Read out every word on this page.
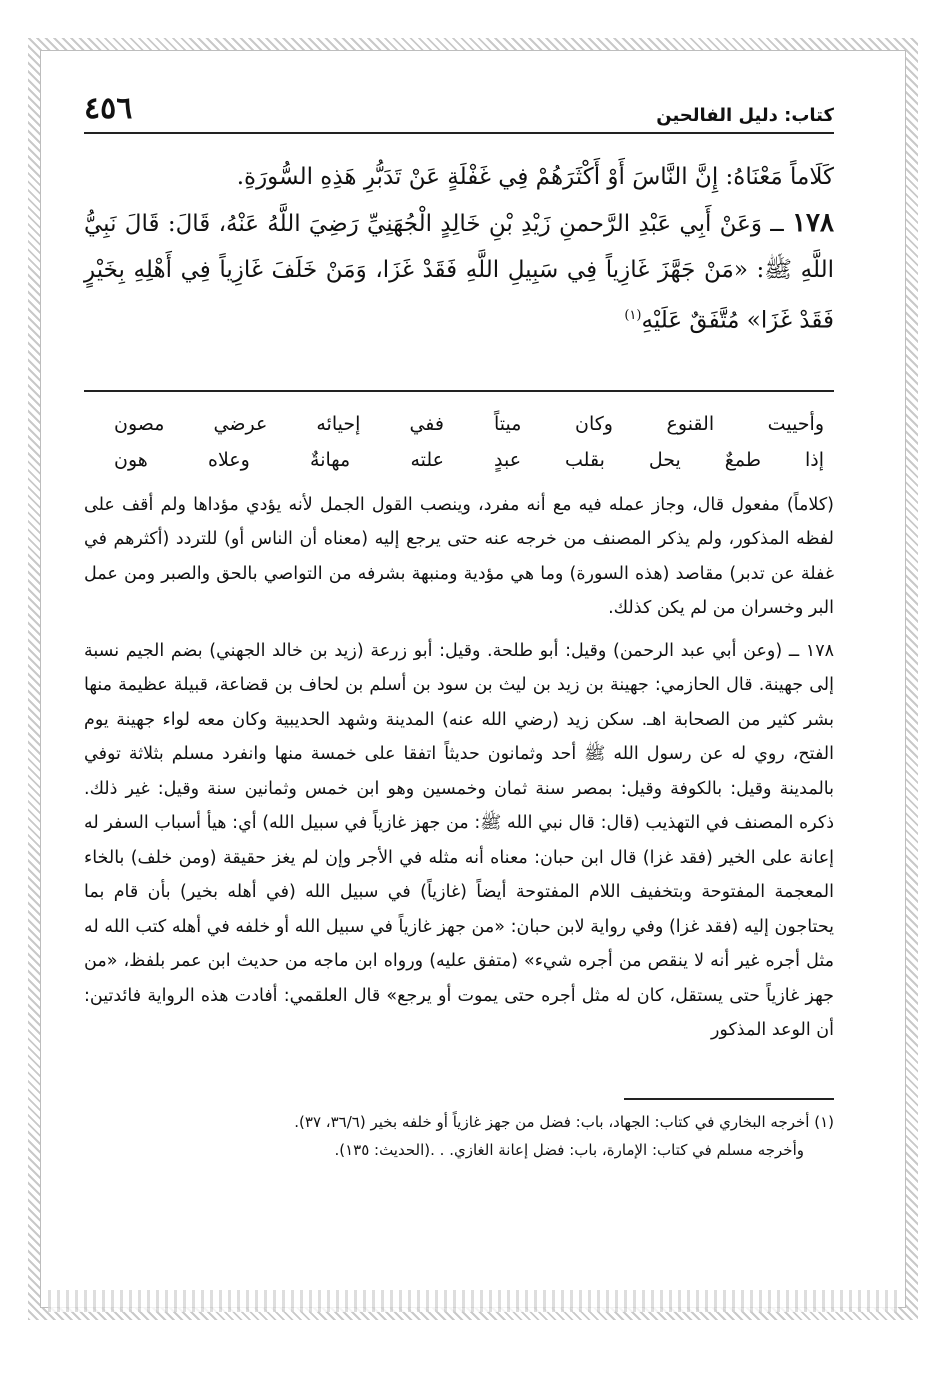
كتاب: دليل الفالحين
٤٥٦

كَلَاماً مَعْنَاهُ: إِنَّ النَّاسَ أَوْ أَكْثَرَهُمْ فِي غَفْلَةٍ عَنْ تَدَبُّرِ هَذِهِ السُّورَةِ.

١٧٨ ــ وَعَنْ أَبِي عَبْدِ الرَّحمنِ زَيْدِ بْنِ خَالِدٍ الْجُهَنِيِّ رَضِيَ اللَّهُ عَنْهُ، قَالَ: قَالَ نَبِيُّ اللَّهِ ﷺ: «مَنْ جَهَّزَ غَازِياً فِي سَبِيلِ اللَّهِ فَقَدْ غَزَا، وَمَنْ خَلَفَ غَازِياً فِي أَهْلِهِ بِخَيْرٍ فَقَدْ غَزَا» مُتَّفَقٌ عَلَيْهِ$^{(١)}$

وأحييت القنوع وكان ميتاً
ففي إحيائه عرضي مصون
إذا طمعٌ يحل بقلب عبدٍ
علته مهانةٌ وعلاه هون

(كلاماً) مفعول قال، وجاز عمله فيه مع أنه مفرد، وينصب القول الجمل لأنه يؤدي مؤداها ولم أقف على لفظه المذكور، ولم يذكر المصنف من خرجه عنه حتى يرجع إليه (معناه أن الناس أو) للتردد (أكثرهم في غفلة عن تدبر) مقاصد (هذه السورة) وما هي مؤدية ومنبهة بشرفه من التواصي بالحق والصبر ومن عمل البر وخسران من لم يكن كذلك.

١٧٨ ــ (وعن أبي عبد الرحمن) وقيل: أبو طلحة. وقيل: أبو زرعة (زيد بن خالد الجهني) بضم الجيم نسبة إلى جهينة. قال الحازمي: جهينة بن زيد بن ليث بن سود بن أسلم بن لحاف بن قضاعة، قبيلة عظيمة منها بشر كثير من الصحابة اهـ. سكن زيد (رضي الله عنه) المدينة وشهد الحديبية وكان معه لواء جهينة يوم الفتح، روي له عن رسول الله ﷺ أحد وثمانون حديثاً اتفقا على خمسة منها وانفرد مسلم بثلاثة توفي بالمدينة وقيل: بالكوفة وقيل: بمصر سنة ثمان وخمسين وهو ابن خمس وثمانين سنة وقيل: غير ذلك. ذكره المصنف في التهذيب (قال: قال نبي الله ﷺ: من جهز غازياً في سبيل الله) أي: هيأ أسباب السفر له إعانة على الخير (فقد غزا) قال ابن حبان: معناه أنه مثله في الأجر وإن لم يغز حقيقة (ومن خلف) بالخاء المعجمة المفتوحة وبتخفيف اللام المفتوحة أيضاً (غازياً) في سبيل الله (في أهله بخير) بأن قام بما يحتاجون إليه (فقد غزا) وفي رواية لابن حبان: «من جهز غازياً في سبيل الله أو خلفه في أهله كتب الله له مثل أجره غير أنه لا ينقص من أجره شيء» (متفق عليه) ورواه ابن ماجه من حديث ابن عمر بلفظ، «من جهز غازياً حتى يستقل، كان له مثل أجره حتى يموت أو يرجع» قال العلقمي: أفادت هذه الرواية فائدتين: أن الوعد المذكور

(١) أخرجه البخاري في كتاب: الجهاد، باب: فضل من جهز غازياً أو خلفه بخير (٣٦/٦، ٣٧).

وأخرجه مسلم في كتاب: الإمارة، باب: فضل إعانة الغازي. . .(الحديث: ١٣٥).
